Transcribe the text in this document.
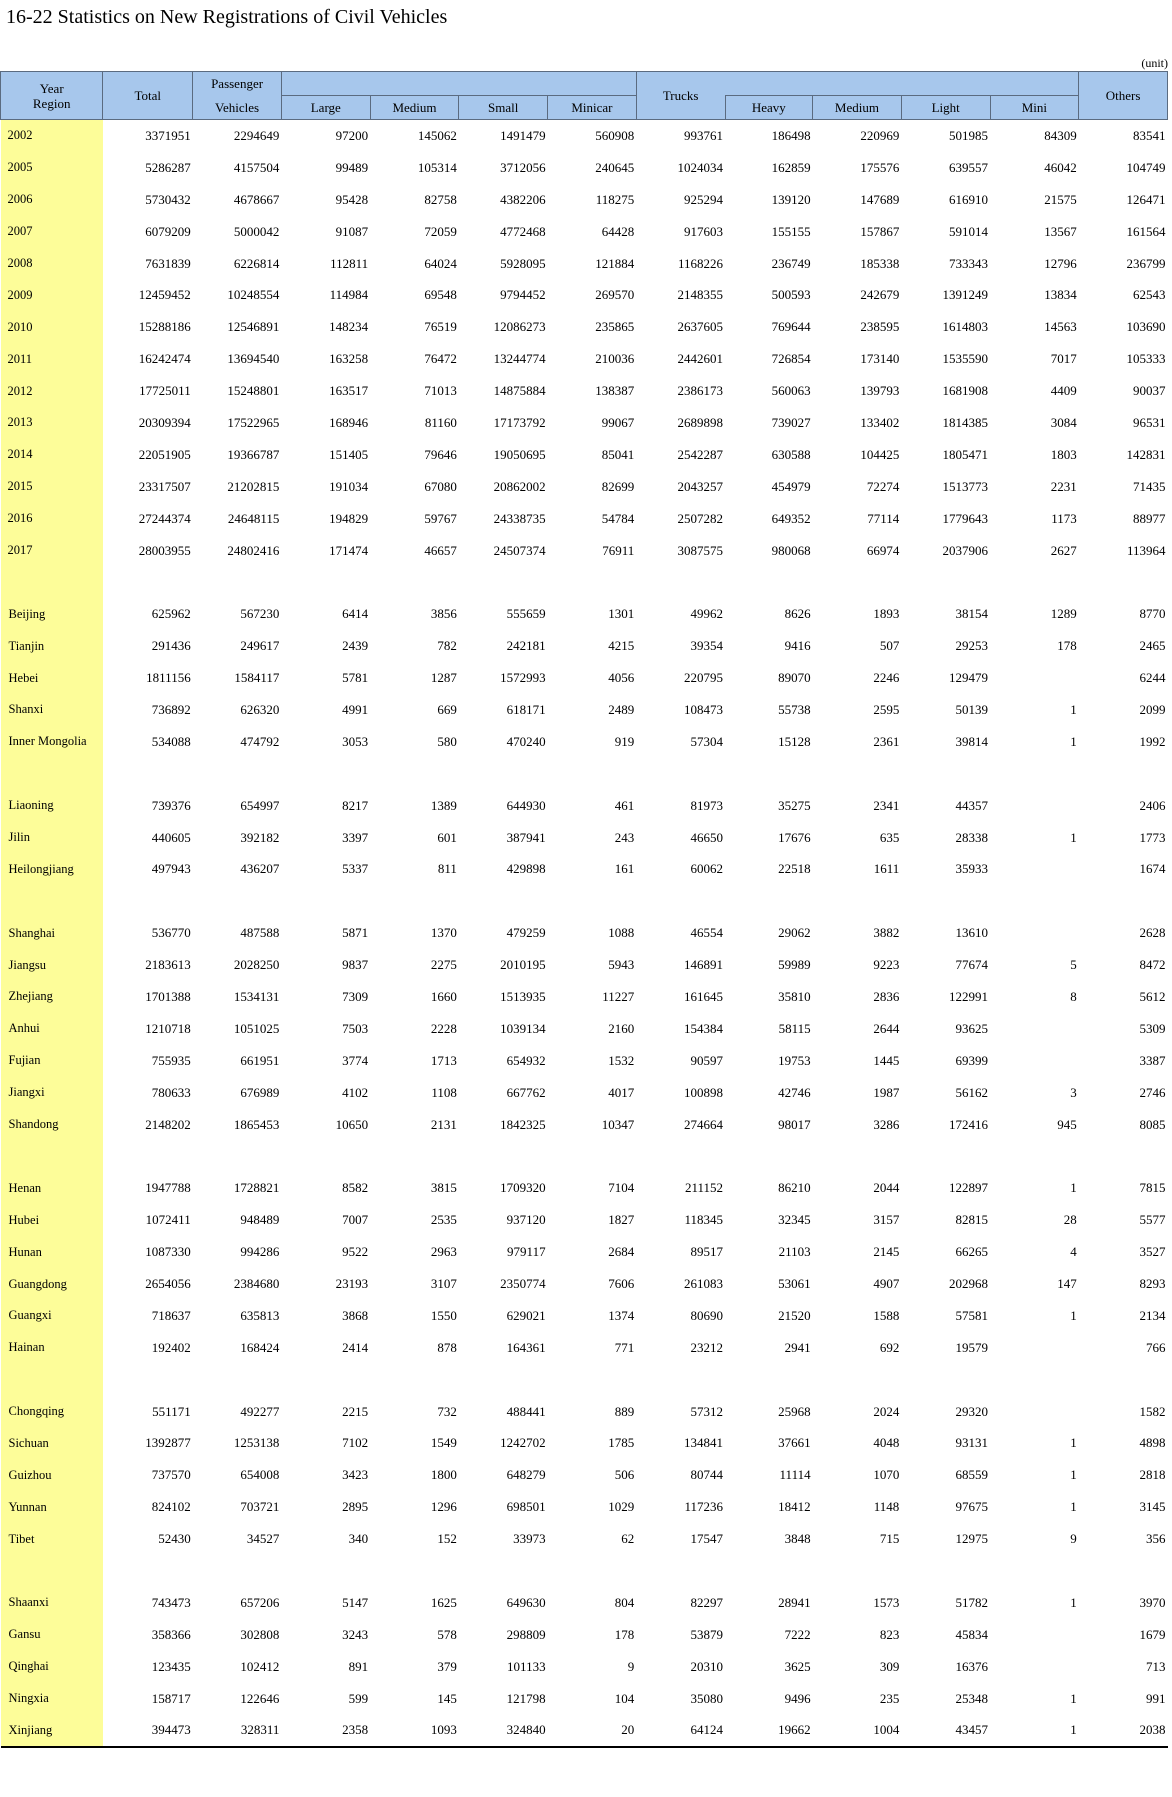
16-22 Statistics on New Registrations of Civil Vehicles
(unit)
Year
Region	Total	Passenger					Trucks					Others
		Vehicles	Large	Medium	Small	Minicar		Heavy	Medium	Light	Mini	
2002	3371951	2294649	97200	145062	1491479	560908	993761	186498	220969	501985	84309	83541
2005	5286287	4157504	99489	105314	3712056	240645	1024034	162859	175576	639557	46042	104749
2006	5730432	4678667	95428	82758	4382206	118275	925294	139120	147689	616910	21575	126471
2007	6079209	5000042	91087	72059	4772468	64428	917603	155155	157867	591014	13567	161564
2008	7631839	6226814	112811	64024	5928095	121884	1168226	236749	185338	733343	12796	236799
2009	12459452	10248554	114984	69548	9794452	269570	2148355	500593	242679	1391249	13834	62543
2010	15288186	12546891	148234	76519	12086273	235865	2637605	769644	238595	1614803	14563	103690
2011	16242474	13694540	163258	76472	13244774	210036	2442601	726854	173140	1535590	7017	105333
2012	17725011	15248801	163517	71013	14875884	138387	2386173	560063	139793	1681908	4409	90037
2013	20309394	17522965	168946	81160	17173792	99067	2689898	739027	133402	1814385	3084	96531
2014	22051905	19366787	151405	79646	19050695	85041	2542287	630588	104425	1805471	1803	142831
2015	23317507	21202815	191034	67080	20862002	82699	2043257	454979	72274	1513773	2231	71435
2016	27244374	24648115	194829	59767	24338735	54784	2507282	649352	77114	1779643	1173	88977
2017	28003955	24802416	171474	46657	24507374	76911	3087575	980068	66974	2037906	2627	113964

Beijing	625962	567230	6414	3856	555659	1301	49962	8626	1893	38154	1289	8770
Tianjin	291436	249617	2439	782	242181	4215	39354	9416	507	29253	178	2465
Hebei	1811156	1584117	5781	1287	1572993	4056	220795	89070	2246	129479		6244
Shanxi	736892	626320	4991	669	618171	2489	108473	55738	2595	50139	1	2099
Inner Mongolia	534088	474792	3053	580	470240	919	57304	15128	2361	39814	1	1992

Liaoning	739376	654997	8217	1389	644930	461	81973	35275	2341	44357		2406
Jilin	440605	392182	3397	601	387941	243	46650	17676	635	28338	1	1773
Heilongjiang	497943	436207	5337	811	429898	161	60062	22518	1611	35933		1674

Shanghai	536770	487588	5871	1370	479259	1088	46554	29062	3882	13610		2628
Jiangsu	2183613	2028250	9837	2275	2010195	5943	146891	59989	9223	77674	5	8472
Zhejiang	1701388	1534131	7309	1660	1513935	11227	161645	35810	2836	122991	8	5612
Anhui	1210718	1051025	7503	2228	1039134	2160	154384	58115	2644	93625		5309
Fujian	755935	661951	3774	1713	654932	1532	90597	19753	1445	69399		3387
Jiangxi	780633	676989	4102	1108	667762	4017	100898	42746	1987	56162	3	2746
Shandong	2148202	1865453	10650	2131	1842325	10347	274664	98017	3286	172416	945	8085

Henan	1947788	1728821	8582	3815	1709320	7104	211152	86210	2044	122897	1	7815
Hubei	1072411	948489	7007	2535	937120	1827	118345	32345	3157	82815	28	5577
Hunan	1087330	994286	9522	2963	979117	2684	89517	21103	2145	66265	4	3527
Guangdong	2654056	2384680	23193	3107	2350774	7606	261083	53061	4907	202968	147	8293
Guangxi	718637	635813	3868	1550	629021	1374	80690	21520	1588	57581	1	2134
Hainan	192402	168424	2414	878	164361	771	23212	2941	692	19579		766

Chongqing	551171	492277	2215	732	488441	889	57312	25968	2024	29320		1582
Sichuan	1392877	1253138	7102	1549	1242702	1785	134841	37661	4048	93131	1	4898
Guizhou	737570	654008	3423	1800	648279	506	80744	11114	1070	68559	1	2818
Yunnan	824102	703721	2895	1296	698501	1029	117236	18412	1148	97675	1	3145
Tibet	52430	34527	340	152	33973	62	17547	3848	715	12975	9	356

Shaanxi	743473	657206	5147	1625	649630	804	82297	28941	1573	51782	1	3970
Gansu	358366	302808	3243	578	298809	178	53879	7222	823	45834		1679
Qinghai	123435	102412	891	379	101133	9	20310	3625	309	16376		713
Ningxia	158717	122646	599	145	121798	104	35080	9496	235	25348	1	991
Xinjiang	394473	328311	2358	1093	324840	20	64124	19662	1004	43457	1	2038
